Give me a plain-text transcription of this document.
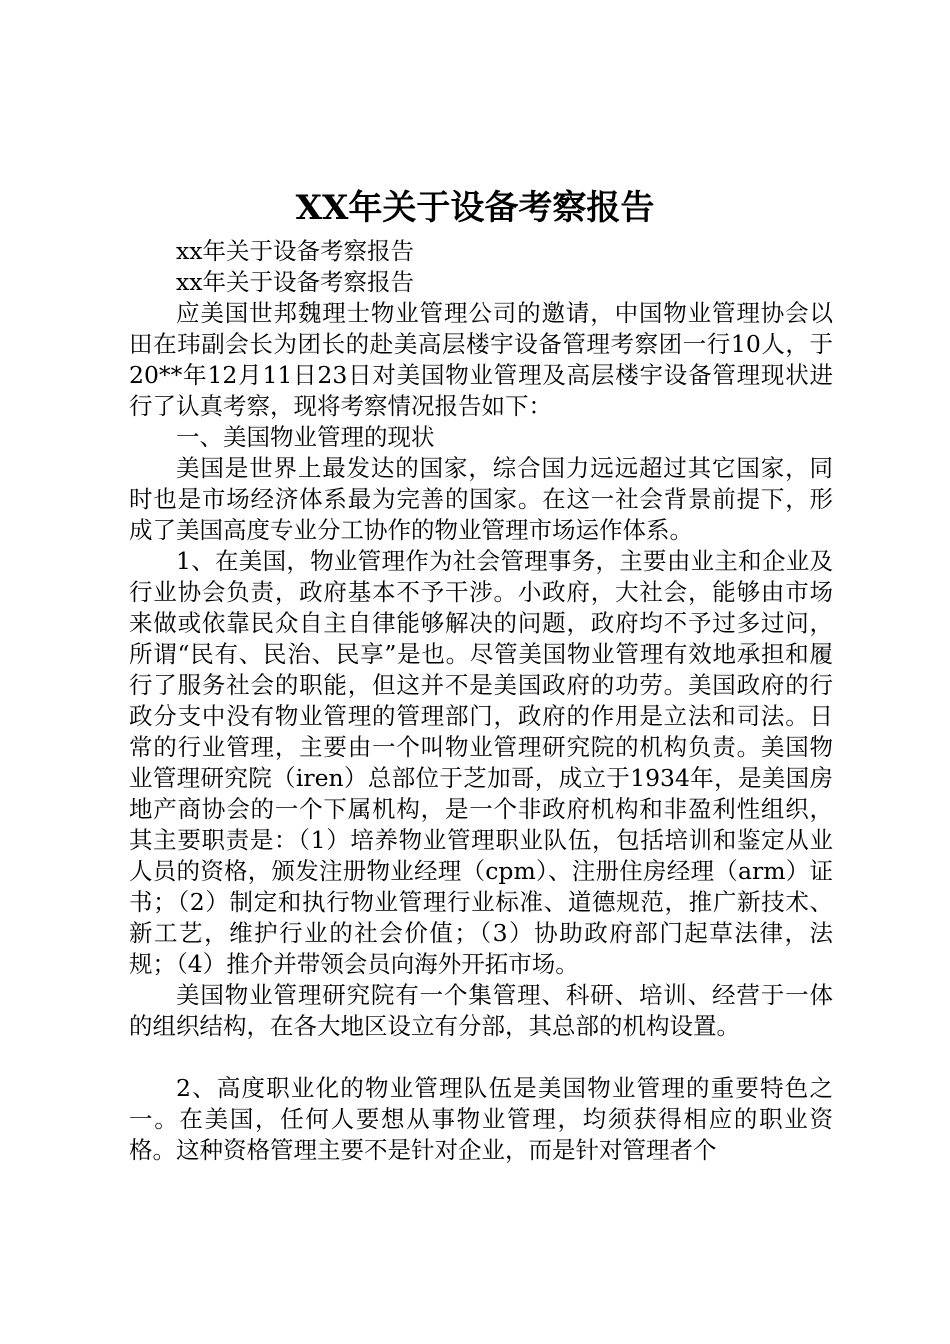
XX年关于设备考察报告

xx年关于设备考察报告

xx年关于设备考察报告

应美国世邦魏理士物业管理公司的邀请，中国物业管理协会以田在玮副会长为团长的赴美高层楼宇设备管理考察团一行10人，于20**年12月11日23日对美国物业管理及高层楼宇设备管理现状进行了认真考察，现将考察情况报告如下：

一、美国物业管理的现状

美国是世界上最发达的国家，综合国力远远超过其它国家，同时也是市场经济体系最为完善的国家。在这一社会背景前提下，形成了美国高度专业分工协作的物业管理市场运作体系。

1、在美国，物业管理作为社会管理事务，主要由业主和企业及行业协会负责，政府基本不予干涉。小政府，大社会，能够由市场来做或依靠民众自主自律能够解决的问题，政府均不予过多过问，所谓“民有、民治、民享”是也。尽管美国物业管理有效地承担和履行了服务社会的职能，但这并不是美国政府的功劳。美国政府的行政分支中没有物业管理的管理部门，政府的作用是立法和司法。日常的行业管理，主要由一个叫物业管理研究院的机构负责。美国物业管理研究院（iren）总部位于芝加哥，成立于1934年，是美国房地产商协会的一个下属机构，是一个非政府机构和非盈利性组织，其主要职责是：（1）培养物业管理职业队伍，包括培训和鉴定从业人员的资格，颁发注册物业经理（cpm）、注册住房经理（arm）证书；（2）制定和执行物业管理行业标准、道德规范，推广新技术、新工艺，维护行业的社会价值；（3）协助政府部门起草法律，法规；（4）推介并带领会员向海外开拓市场。

美国物业管理研究院有一个集管理、科研、培训、经营于一体的组织结构，在各大地区设立有分部，其总部的机构设置。

2、高度职业化的物业管理队伍是美国物业管理的重要特色之一。在美国，任何人要想从事物业管理，均须获得相应的职业资格。这种资格管理主要不是针对企业，而是针对管理者个
